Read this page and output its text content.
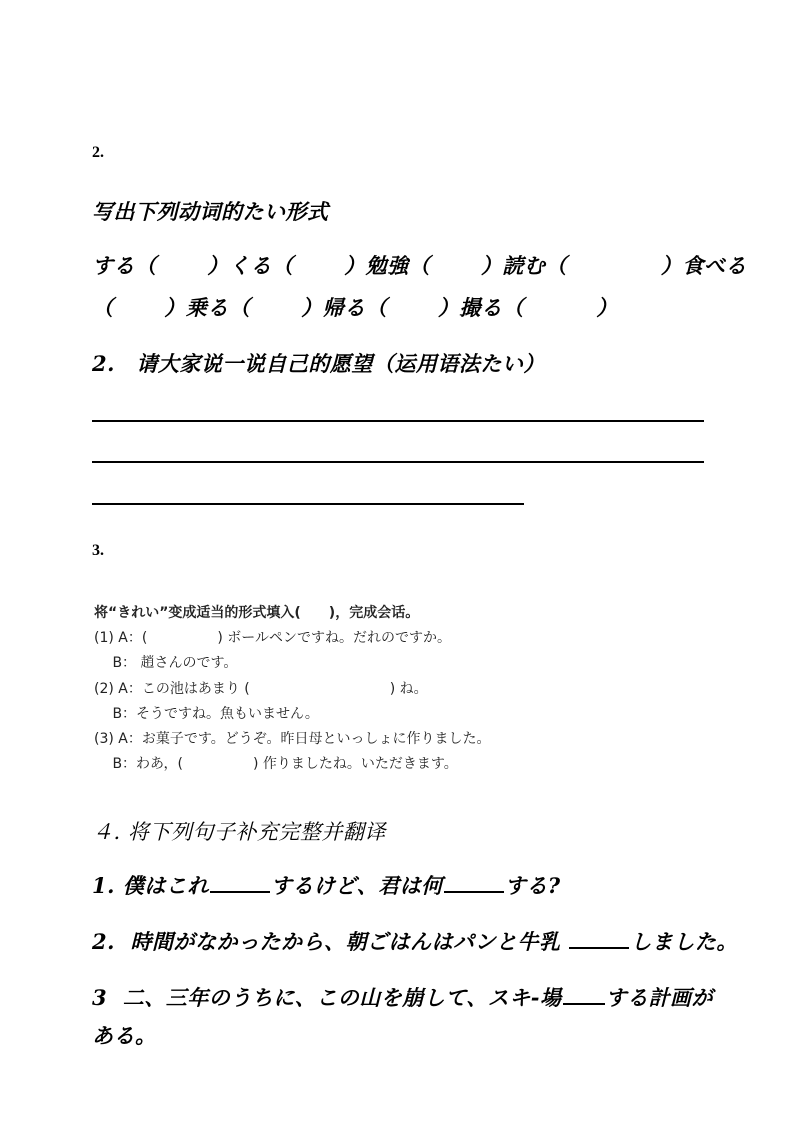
2.
写出下列动词的たい形式
する（　 　）くる（　 　）勉強（　 　）読む（　　　 　）食べる
（　 　）乗る（　 　）帰る（　 　）撮る（　　 　）
2.　请大家说一说自己的愿望（运用语法たい）
3.
将“きれい”变成适当的形式填入(　　)，完成会话。
(1) A：(　　　　　) ボールペンですね。だれのですか。
　 B： 趙さんのです。
(2) A：この池はあまり (　　　　　　　　　　) ね。
　 B：そうですね。魚もいません。
(3) A：お菓子です。どうぞ。昨日母といっしょに作りました。
　 B：わあ，(　　　　　) 作りましたね。いただきます。
４. 将下列句子补充完整并翻译
1. 僕はこれ	するけど、君は何	する?
2.  時間がなかったから、朝ごはんはパンと牛乳	しました。
3  二、三年のうちに、この山を崩して、スキ-場 する計画が
ある。
